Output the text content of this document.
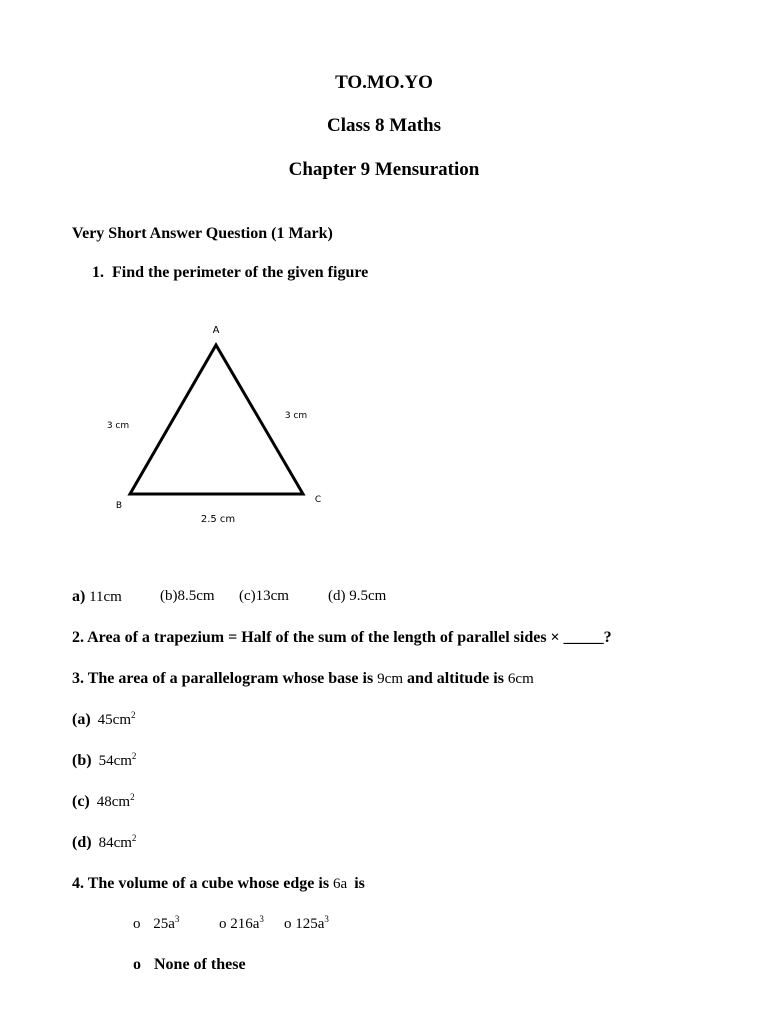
TO.MO.YO
Class 8 Maths
Chapter 9 Mensuration
Very Short Answer Question (1 Mark)
1. Find the perimeter of the given figure
A
B
C
3 cm
3 cm
2.5 cm
a) 11cm	(b)8.5cm (c)13cm	(d) 9.5cm
2. Area of a trapezium = Half of the sum of the length of parallel sides × _____?
3. The area of a parallelogram whose base is 9cm and altitude is 6cm
(a) $45cm^2$
(b) $54cm^2$
(c) $48cm^2$
(d) $84cm^2$
4. The volume of a cube whose edge is 6a is
o $25a^3$	o $216a^3$ o $125a^3$
o None of these
